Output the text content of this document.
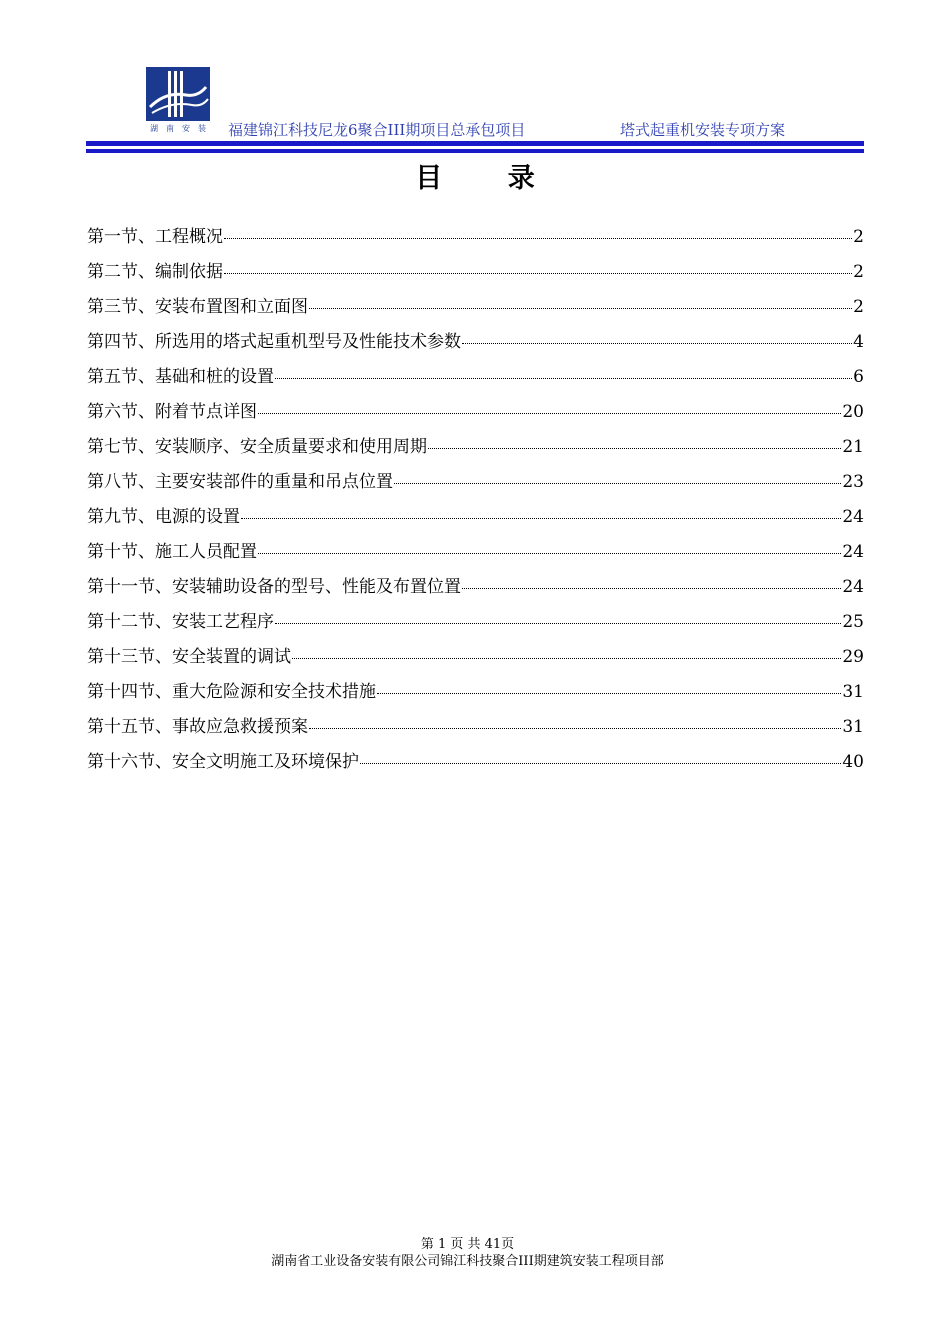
湖 南 安 装 福建锦江科技尼龙6聚合III期项目总承包项目	塔式起重机安装专项方案
目 录
第一节、工程概况	2
第二节、编制依据	2
第三节、安装布置图和立面图	2
第四节、所选用的塔式起重机型号及性能技术参数	4
第五节、基础和桩的设置	6
第六节、附着节点详图	20
第七节、安装顺序、安全质量要求和使用周期	21
第八节、主要安装部件的重量和吊点位置	23
第九节、电源的设置	24
第十节、施工人员配置	24
第十一节、安装辅助设备的型号、性能及布置位置	24
第十二节、安装工艺程序	25
第十三节、安全装置的调试	29
第十四节、重大危险源和安全技术措施	31
第十五节、事故应急救援预案	31
第十六节、安全文明施工及环境保护	40
第 1 页 共 41页
湖南省工业设备安装有限公司锦江科技聚合III期建筑安装工程项目部
